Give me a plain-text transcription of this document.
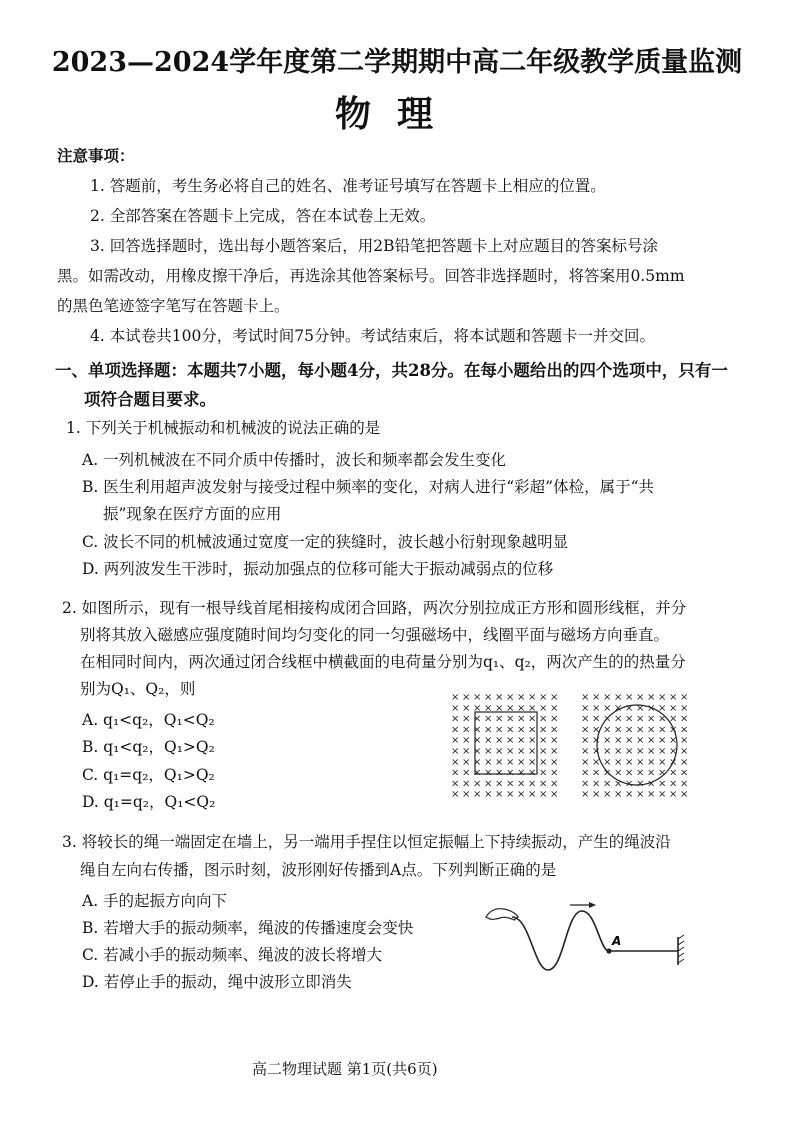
2023—2024学年度第二学期期中高二年级教学质量监测
物理
注意事项：
1. 答题前，考生务必将自己的姓名、准考证号填写在答题卡上相应的位置。
2. 全部答案在答题卡上完成，答在本试卷上无效。
3. 回答选择题时，选出每小题答案后，用2B铅笔把答题卡上对应题目的答案标号涂
黑。如需改动，用橡皮擦干净后，再选涂其他答案标号。回答非选择题时，将答案用0.5mm
的黑色笔迹签字笔写在答题卡上。
4. 本试卷共100分，考试时间75分钟。考试结束后，将本试题和答题卡一并交回。
一、单项选择题：本题共7小题，每小题4分，共28分。在每小题给出的四个选项中，只有一
项符合题目要求。
1. 下列关于机械振动和机械波的说法正确的是
A. 一列机械波在不同介质中传播时，波长和频率都会发生变化
B. 医生利用超声波发射与接受过程中频率的变化，对病人进行“彩超”体检，属于“共
振”现象在医疗方面的应用
C. 波长不同的机械波通过宽度一定的狭缝时，波长越小衍射现象越明显
D. 两列波发生干涉时，振动加强点的位移可能大于振动减弱点的位移
2. 如图所示，现有一根导线首尾相接构成闭合回路，两次分别拉成正方形和圆形线框，并分
别将其放入磁感应强度随时间均匀变化的同一匀强磁场中，线圈平面与磁场方向垂直。
在相同时间内，两次通过闭合线框中横截面的电荷量分别为q₁、q₂，两次产生的的热量分
别为Q₁、Q₂，则
A. q₁<q₂，Q₁<Q₂
B. q₁<q₂，Q₁>Q₂
C. q₁=q₂，Q₁>Q₂
D. q₁=q₂，Q₁<Q₂
× × × × × × × × × ×
× × × × × × × × × ×
× × × × × × × × × ×
× × × × × × × × × ×
× × × × × × × × × ×
× × × × × × × × × ×
× × × × × × × × × ×
× × × × × × × × × ×
× × × × × × × × × ×
× × × × × × × × × ×
× × × × × × × × × ×
× × × × × × × × × ×
× × × × × × × × × ×
× × × × × × × × × ×
× × × × × × × × × ×
× × × × × × × × × ×
× × × × × × × × × ×
× × × × × × × × × ×
× × × × × × × × × ×
× × × × × × × × × ×
3. 将较长的绳一端固定在墙上，另一端用手捏住以恒定振幅上下持续振动，产生的绳波沿
绳自左向右传播，图示时刻，波形刚好传播到A点。下列判断正确的是
A. 手的起振方向向下
B. 若增大手的振动频率，绳波的传播速度会变快
C. 若减小手的振动频率、绳波的波长将增大
D. 若停止手的振动，绳中波形立即消失
A
高二物理试题 第1页(共6页)
